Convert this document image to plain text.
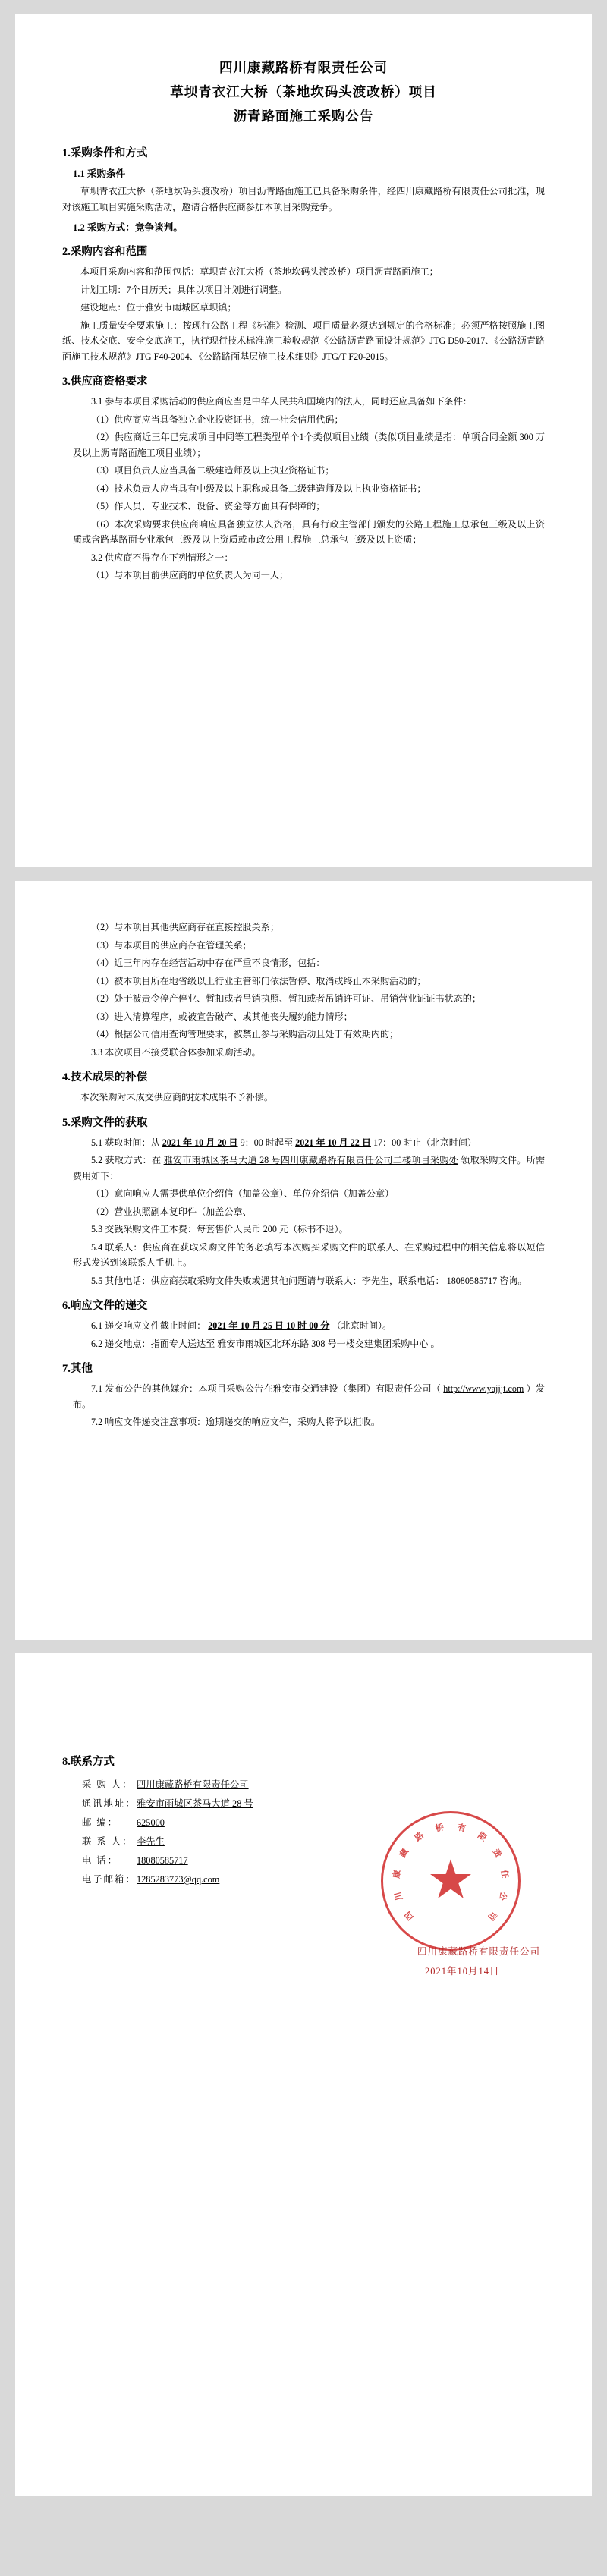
四川康藏路桥有限责任公司
草坝青衣江大桥（茶地坎码头渡改桥）项目
沥青路面施工采购公告
1.采购条件和方式
1.1 采购条件

草坝青衣江大桥（茶地坎码头渡改桥）项目沥青路面施工已具备采购条件，经四川康藏路桥有限责任公司批准，现对该施工项目实施采购活动，邀请合格供应商参加本项目采购竞争。

1.2 采购方式：竞争谈判。
2.采购内容和范围

本项目采购内容和范围包括：草坝青衣江大桥（茶地坎码头渡改桥）项目沥青路面施工；

计划工期：7个日历天；具体以项目计划进行调整。

建设地点：位于雅安市雨城区草坝镇；

施工质量安全要求施工：按现行公路工程《标准》检测、项目质量必须达到规定的合格标准；必须严格按照施工图纸、技术交底、安全交底施工，执行现行技术标准施工验收规范《公路沥青路面设计规范》JTG D50-2017、《公路沥青路面施工技术规范》JTG F40-2004、《公路路面基层施工技术细则》JTG/T F20-2015。

3.供应商资格要求

3.1 参与本项目采购活动的供应商应当是中华人民共和国境内的法人，同时还应具备如下条件：

（1）供应商应当具备独立企业投资证书，统一社会信用代码；

（2）供应商近三年已完成项目中同等工程类型单个1个类似项目业绩（类似项目业绩是指：单项合同金额 300 万及以上沥青路面施工项目业绩）；

（3）项目负责人应当具备二级建造师及以上执业资格证书；

（4）技术负责人应当具有中级及以上职称或具备二级建造师及以上执业资格证书；

（5）作人员、专业技术、设备、资金等方面具有保障的；

（6）本次采购要求供应商响应具备独立法人资格，具有行政主管部门颁发的公路工程施工总承包三级及以上资质或含路基路面专业承包三级及以上资质或市政公用工程施工总承包三级及以上资质；

3.2 供应商不得存在下列情形之一：

（1）与本项目前供应商的单位负责人为同一人；

（2）与本项目其他供应商存在直接控股关系；

（3）与本项目的供应商存在管理关系；

（4）近三年内存在经营活动中存在严重不良情形，包括：

（1）被本项目所在地省级以上行业主管部门依法暂停、取消或终止本采购活动的；

（2）处于被责令停产停业、暂扣或者吊销执照、暂扣或者吊销许可证、吊销营业证证书状态的；

（3）进入清算程序，或被宣告破产、或其他丧失履约能力情形；

（4）根据公司信用查询管理要求，被禁止参与采购活动且处于有效期内的；

3.3 本次项目不接受联合体参加采购活动。

4.技术成果的补偿

本次采购对未成交供应商的技术成果不予补偿。

5.采购文件的获取

5.1 获取时间：从 2021 年 10 月 20 日 9：00 时起至 2021 年 10 月 22 日 17：00 时止（北京时间）

5.2 获取方式：在 雅安市雨城区茶马大道 28 号四川康藏路桥有限责任公司二楼项目采购处 领取采购文件。所需费用如下：

（1）意向响应人需提供单位介绍信（加盖公章）、单位介绍信（加盖公章）

（2）营业执照副本复印件（加盖公章、

5.3 交钱采购文件工本费：每套售价人民币 200 元（标书不退）。

5.4 联系人：供应商在获取采购文件的务必填写本次购买采购文件的联系人、在采购过程中的相关信息将以短信形式发送到该联系人手机上。

5.5 其他电话：供应商获取采购文件失败或遇其他问题请与联系人：李先生，联系电话： 18080585717 咨询。

6.响应文件的递交

6.1 递交响应文件截止时间： 2021 年 10 月 25 日 10 时 00 分 （北京时间）。

6.2 递交地点：指面专人送达至 雅安市雨城区北环东路 308 号一楼交建集团采购中心 。

7.其他

7.1 发布公告的其他媒介：本项目采购公告在雅安市交通建设（集团）有限责任公司（ http://www.yajjjt.com ）发布。

7.2 响应文件递交注意事项：逾期递交的响应文件，采购人将予以拒收。

8.联系方式
采 购 人： 四川康藏路桥有限责任公司
通讯地址： 雅安市雨城区茶马大道 28 号
邮 编：	625000
联 系 人： 李先生
电 话：	18080585717
电子邮箱： 1285283773@qq.com
四
川
康
藏
路
桥 有
限
责
任
公
司
★
四川康藏路桥有限责任公司
2021年10月14日
